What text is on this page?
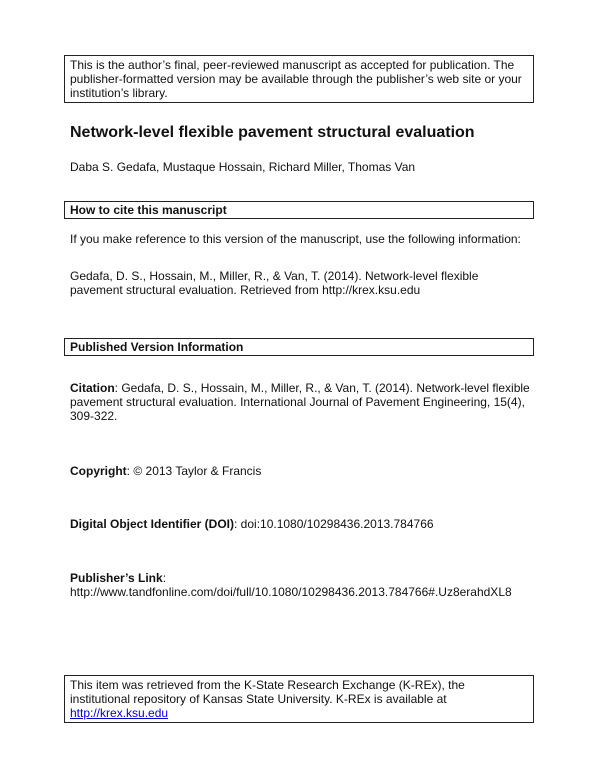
This is the author’s final, peer-reviewed manuscript as accepted for publication. The publisher-formatted version may be available through the publisher’s web site or your institution’s library.
Network-level flexible pavement structural evaluation
Daba S. Gedafa, Mustaque Hossain, Richard Miller, Thomas Van
How to cite this manuscript
If you make reference to this version of the manuscript, use the following information:
Gedafa, D. S., Hossain, M., Miller, R., & Van, T. (2014). Network-level flexible pavement structural evaluation. Retrieved from http://krex.ksu.edu
Published Version Information
Citation: Gedafa, D. S., Hossain, M., Miller, R., & Van, T. (2014). Network-level flexible pavement structural evaluation. International Journal of Pavement Engineering, 15(4), 309-322.
Copyright: © 2013 Taylor & Francis
Digital Object Identifier (DOI): doi:10.1080/10298436.2013.784766
Publisher’s Link:
http://www.tandfonline.com/doi/full/10.1080/10298436.2013.784766#.Uz8erahdXL8
This item was retrieved from the K-State Research Exchange (K-REx), the institutional repository of Kansas State University. K-REx is available at http://krex.ksu.edu
